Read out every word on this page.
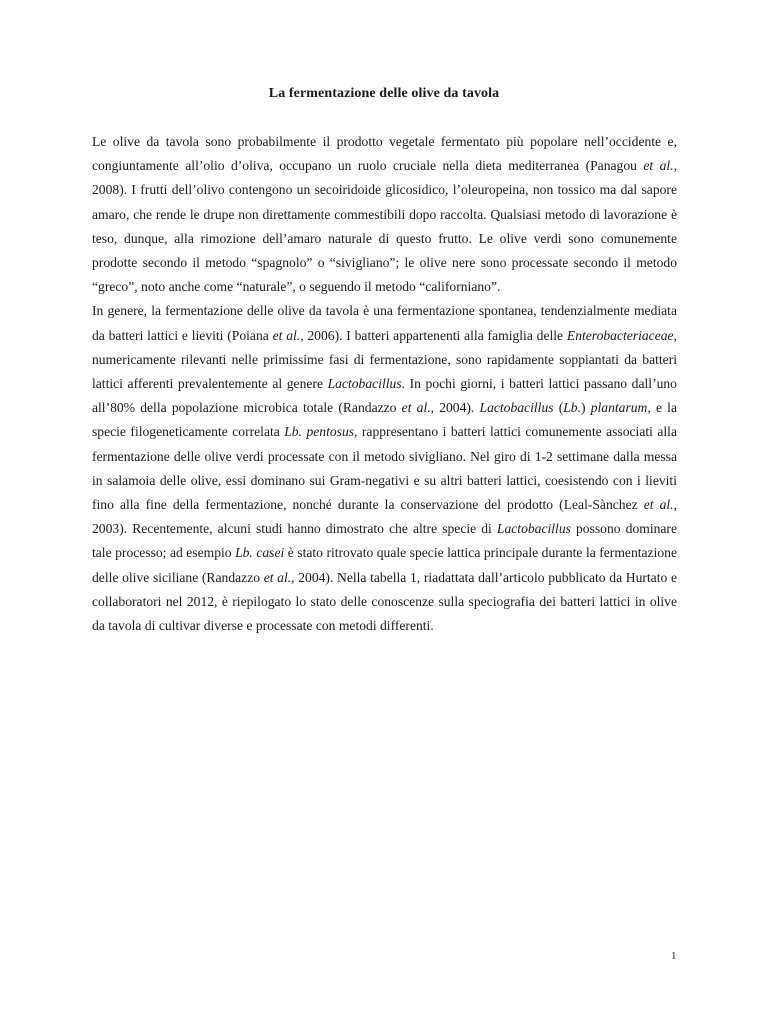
La fermentazione delle olive da tavola

Le olive da tavola sono probabilmente il prodotto vegetale fermentato più popolare nell’occidente e, congiuntamente all’olio d’oliva, occupano un ruolo cruciale nella dieta mediterranea (Panagou et al., 2008). I frutti dell’olivo contengono un secoiridoide glicosidico, l’oleuropeina, non tossico ma dal sapore amaro, che rende le drupe non direttamente commestibili dopo raccolta. Qualsiasi metodo di lavorazione è teso, dunque, alla rimozione dell’amaro naturale di questo frutto. Le olive verdi sono comunemente prodotte secondo il metodo “spagnolo” o “sivigliano”; le olive nere sono processate secondo il metodo “greco”, noto anche come “naturale”, o seguendo il metodo “californiano”.

In genere, la fermentazione delle olive da tavola è una fermentazione spontanea, tendenzialmente mediata da batteri lattici e lieviti (Poiana et al., 2006). I batteri appartenenti alla famiglia delle Enterobacteriaceae, numericamente rilevanti nelle primissime fasi di fermentazione, sono rapidamente soppiantati da batteri lattici afferenti prevalentemente al genere Lactobacillus. In pochi giorni, i batteri lattici passano dall’uno all’80% della popolazione microbica totale (Randazzo et al., 2004). Lactobacillus (Lb.) plantarum, e la specie filogeneticamente correlata Lb. pentosus, rappresentano i batteri lattici comunemente associati alla fermentazione delle olive verdi processate con il metodo sivigliano. Nel giro di 1-2 settimane dalla messa in salamoia delle olive, essi dominano sui Gram-negativi e su altri batteri lattici, coesistendo con i lieviti fino alla fine della fermentazione, nonché durante la conservazione del prodotto (Leal-Sànchez et al., 2003). Recentemente, alcuni studi hanno dimostrato che altre specie di Lactobacillus possono dominare tale processo; ad esempio Lb. casei è stato ritrovato quale specie lattica principale durante la fermentazione delle olive siciliane (Randazzo et al., 2004). Nella tabella 1, riadattata dall’articolo pubblicato da Hurtato e collaboratori nel 2012, è riepilogato lo stato delle conoscenze sulla speciografia dei batteri lattici in olive da tavola di cultivar diverse e processate con metodi differenti.

1
